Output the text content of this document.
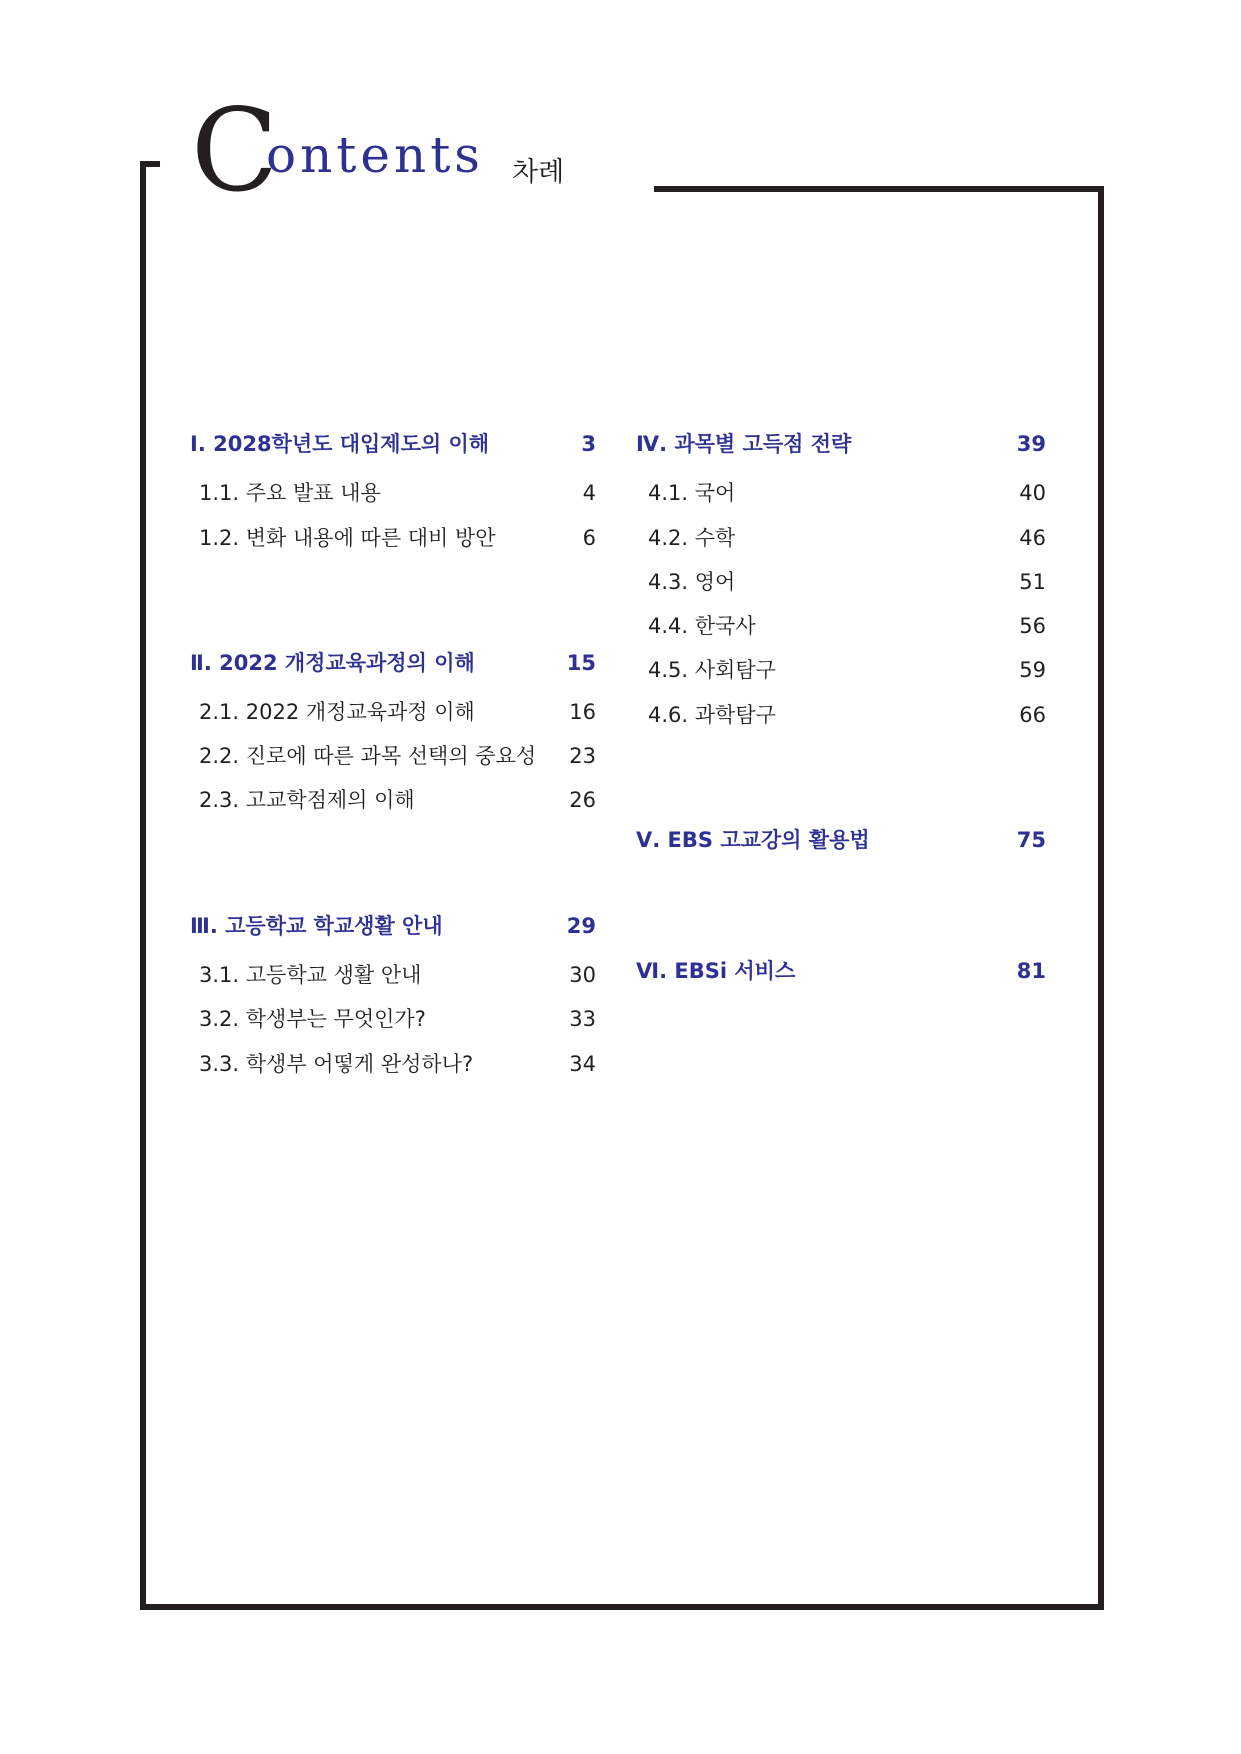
C
ontents 차례
Ⅰ. 2028학년도 대입제도의 이해	3
1.1. 주요 발표 내용	4
1.2. 변화 내용에 따른 대비 방안	6
Ⅱ. 2022 개정교육과정의 이해	15
2.1. 2022 개정교육과정 이해	16
2.2. 진로에 따른 과목 선택의 중요성 23
2.3. 고교학점제의 이해	26
Ⅲ. 고등학교 학교생활 안내	29
3.1. 고등학교 생활 안내	30
3.2. 학생부는 무엇인가?	33
3.3. 학생부 어떻게 완성하나?	34
Ⅳ. 과목별 고득점 전략	39
4.1. 국어	40
4.2. 수학	46
4.3. 영어	51
4.4. 한국사	56
4.5. 사회탐구	59
4.6. 과학탐구	66
Ⅴ. EBS 고교강의 활용법	75
Ⅵ. EBSi 서비스	81
